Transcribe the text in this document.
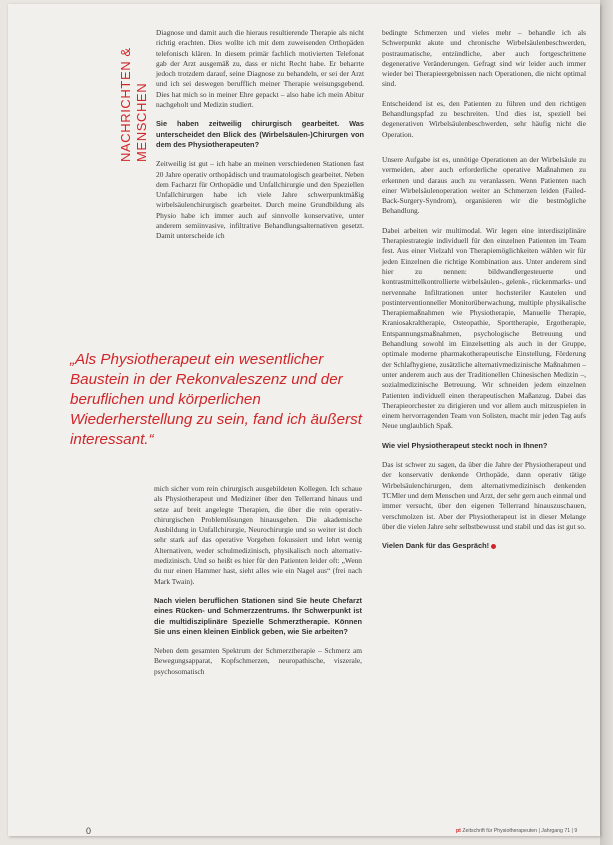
NACHRICHTEN & MENSCHEN

Diagnose und damit auch die hieraus resultierende Therapie als nicht richtig erachten. Dies wollte ich mit dem zuweisenden Orthopäden telefonisch klären. In diesem primär fachlich motivierten Telefonat gab der Arzt ausgemäß zu, dass er nicht Recht habe. Er beharrte jedoch trotzdem darauf, seine Diagnose zu behandeln, er sei der Arzt und ich sei deswegen berufflich meiner Therapie weisungsgebend. Dies hat mich so in meiner Ehre gepackt – also habe ich mein Abitur nachgeholt und Medizin studiert.

Sie haben zeitweilig chirurgisch gearbeitet. Was unterscheidet den Blick des (Wirbelsäulen-)Chirurgen von dem des Physiotherapeuten?

Zeitweilig ist gut – ich habe an meinen verschiedenen Stationen fast 20 Jahre operativ orthopädisch und traumatologisch gearbeitet. Neben dem Facharzt für Orthopädie und Unfallchirurgie und den Speziellen Unfallchirurgen habe ich viele Jahre schwerpunktmäßig wirbelsäulenchirurgisch gearbeitet. Durch meine Grundbildung als Physio habe ich immer auch auf sinnvolle konservative, unter anderem semiinvasive, infiltrative Behandlungsalternativen gesetzt. Damit unterscheide ich

„Als Physiotherapeut ein wesentlicher Baustein in der Rekonvaleszenz und der beruflichen und körperlichen Wiederherstellung zu sein, fand ich äußerst interessant.“

mich sicher vom rein chirurgisch ausgebildeten Kollegen. Ich schaue als Physiotherapeut und Mediziner über den Tellerrand hinaus und setze auf breit angelegte Therapien, die über die rein operativ-chirurgischen Problemlösungen hinausgehen. Die akademische Ausbildung in Unfallchirurgie, Neurochirurgie und so weiter ist doch sehr stark auf das operative Vorgehen fokussiert und lehrt wenig Alternativen, weder schulmedizinisch, physikalisch noch alternativ-medizinisch. Und so heißt es hier für den Patienten leider oft: „Wenn du nur einen Hammer hast, sieht alles wie ein Nagel aus“ (frei nach Mark Twain).

Nach vielen beruflichen Stationen sind Sie heute Chefarzt eines Rücken- und Schmerzzentrums. Ihr Schwerpunkt ist die multidisziplinäre Spezielle Schmerztherapie. Können Sie uns einen kleinen Einblick geben, wie Sie arbeiten?

Neben dem gesamten Spektrum der Schmerztherapie – Schmerz am Bewegungsapparat, Kopfschmerzen, neuropathische, viszerale, psychosomatisch

bedingte Schmerzen und vieles mehr – behandle ich als Schwerpunkt akute und chronische Wirbelsäulenbeschwerden, postraumatische, entzündliche, aber auch fortgeschrittene degenerative Veränderungen. Gefragt sind wir leider auch immer wieder bei Therapieergebnissen nach Operationen, die nicht optimal sind.

Entscheidend ist es, den Patienten zu führen und den richtigen Behandlungspfad zu beschreiten. Und dies ist, speziell bei degenerativen Wirbelsäulenbeschwerden, sehr häufig nicht die Operation.

Unsere Aufgabe ist es, unnötige Operationen an der Wirbelsäule zu vermeiden, aber auch erforderliche operative Maßnahmen zu erkennen und daraus auch zu veranlassen. Wenn Patienten nach einer Wirbelsäulenoperation weiter an Schmerzen leiden (Failed-Back-Surgery-Syndrom), organisieren wir die bestmögliche Behandlung.

Dabei arbeiten wir multimodal. Wir legen eine interdisziplinäre Therapiestrategie individuell für den einzelnen Patienten im Team fest. Aus einer Vielzahl von Therapiemöglichkeiten wählen wir für jeden Einzelnen die richtige Kombination aus. Unter anderem sind hier zu nennen: bildwandlergesteuerte und kontrastmittelkontrollierte wirbelsäulen-, gelenk-, rückenmarks- und nervennahe Infiltrationen unter hochsteriler Kautelen und postinterventionneller Monitorüberwachung, multiple physikalische Therapiemaßnahmen wie Physiotherapie, Manuelle Therapie, Kraniosakraltherapie, Osteopathie, Sporttherapie, Ergotherapie, Entspannungsmaßnahmen, psychologische Betreuung und Behandlung sowohl im Einzelsetting als auch in der Gruppe, optimale moderne pharmakotherapeutische Einstellung, Förderung der Schlafhygiene, zusätzliche alternativmedizinische Maßnahmen – unter anderem auch aus der Traditionellen Chinesischen Medizin –, sozialmedizinische Betreuung. Wir schneiden jedem einzelnen Patienten individuell einen therapeutischen Maßanzug. Dabei das Therapieorchester zu dirigieren und vor allem auch mitzuspielen in einem hervorragenden Team von Solisten, macht mir jeden Tag aufs Neue unglaublich Spaß.

Wie viel Physiotherapeut steckt noch in Ihnen?

Das ist schwer zu sagen, da über die Jahre der Physiotherapeut und der konservativ denkende Orthopäde, dann operativ tätige Wirbelsäulenchirurgen, dem alternativmedizinisch denkenden TCMler und dem Menschen und Arzt, der sehr gern auch einmal und immer versucht, über den eigenen Tellerrand hinauszuschauen, verschmolzen ist. Aber der Physiotherapeut ist in dieser Melange über die vielen Jahre sehr selbstbewusst und stabil und das ist gut so.

Vielen Dank für das Gespräch!

0	pt Zeitschrift für Physiotherapeuten | Jahrgang 71 | 9
